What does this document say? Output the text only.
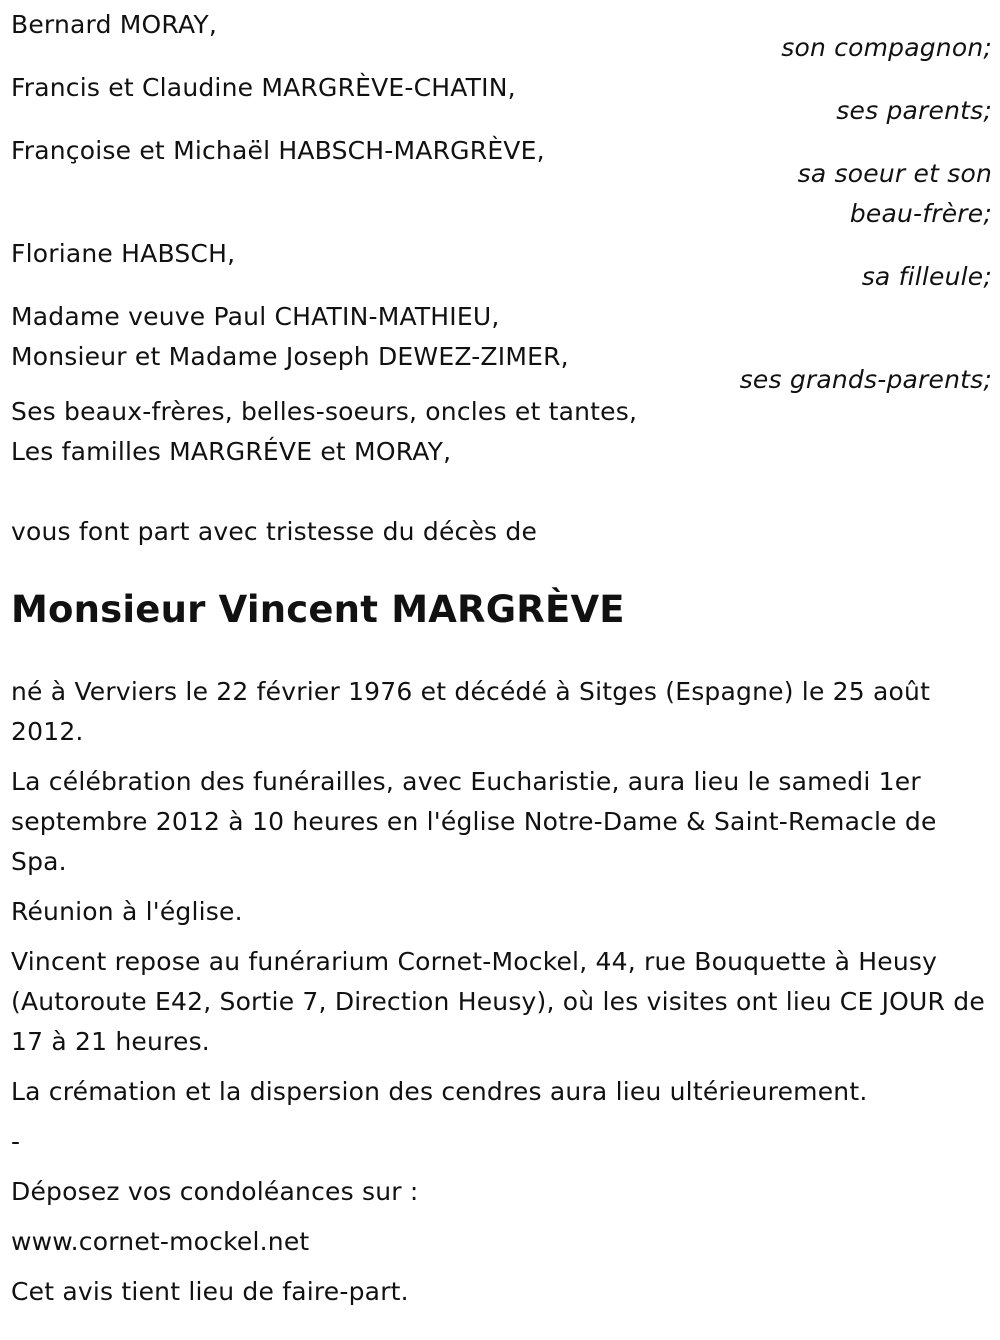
Bernard MORAY,
son compagnon;
Francis et Claudine MARGRÈVE-CHATIN,
ses parents;
Françoise et Michaël HABSCH-MARGRÈVE,
sa soeur et son
beau-frère;
Floriane HABSCH,
sa filleule;
Madame veuve Paul CHATIN-MATHIEU,
Monsieur et Madame Joseph DEWEZ-ZIMER,
ses grands-parents;
Ses beaux-frères, belles-soeurs, oncles et tantes,
Les familles MARGRÉVE et MORAY,
vous font part avec tristesse du décès de
Monsieur Vincent MARGRÈVE
né à Verviers le 22 février 1976 et décédé à Sitges (Espagne) le 25 août 2012.
La célébration des funérailles, avec Eucharistie, aura lieu le samedi 1er septembre 2012 à 10 heures en l'église Notre-Dame & Saint-Remacle de Spa.
Réunion à l'église.
Vincent repose au funérarium Cornet-Mockel, 44, rue Bouquette à Heusy (Autoroute E42, Sortie 7, Direction Heusy), où les visites ont lieu CE JOUR de 17 à 21 heures.
La crémation et la dispersion des cendres aura lieu ultérieurement.
-
Déposez vos condoléances sur :
www.cornet-mockel.net
Cet avis tient lieu de faire-part.
